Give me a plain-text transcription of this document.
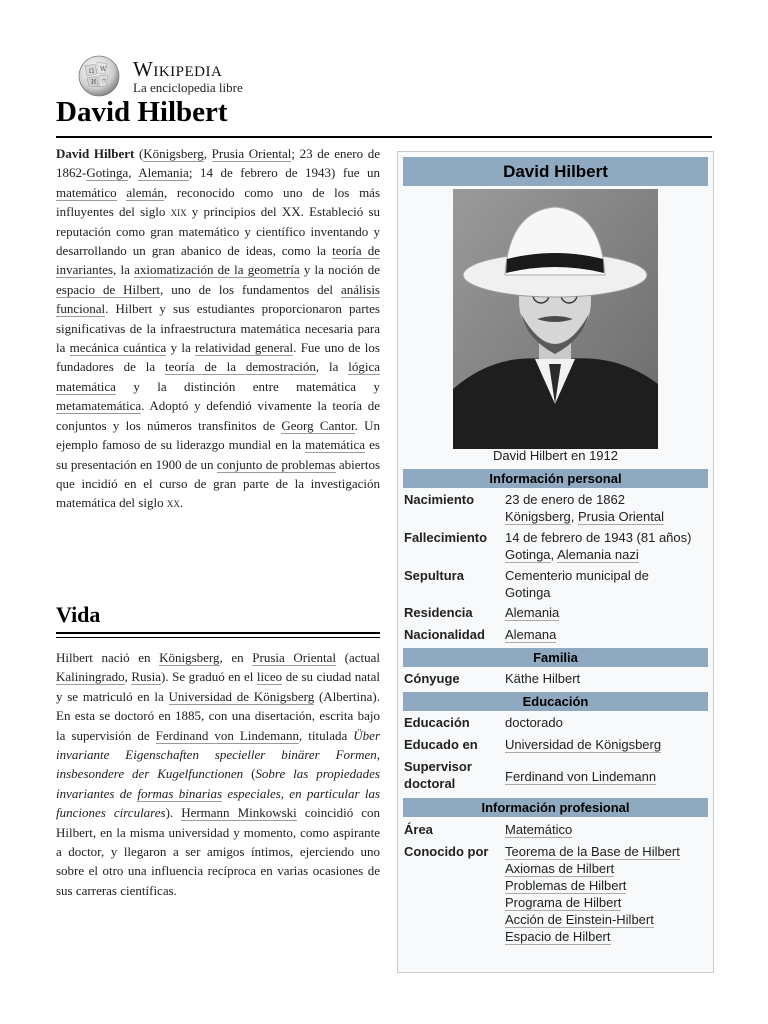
Ω W
И ウ
Wikipedia
La enciclopedia libre
David Hilbert

David Hilbert (Königsberg, Prusia Oriental; 23 de enero de 1862-Gotinga, Alemania; 14 de febrero de 1943) fue un matemático alemán, reconocido como uno de los más influyentes del siglo xix y principios del XX. Estableció su reputación como gran matemático y científico inventando y desarrollando un gran abanico de ideas, como la teoría de invariantes, la axiomatización de la geometría y la noción de espacio de Hilbert, uno de los fundamentos del análisis funcional. Hilbert y sus estudiantes proporcionaron partes significativas de la infraestructura matemática necesaria para la mecánica cuántica y la relatividad general. Fue uno de los fundadores de la teoría de la demostración, la lógica matemática y la distinción entre matemática y metamatemática. Adoptó y defendió vivamente la teoría de conjuntos y los números transfinitos de Georg Cantor. Un ejemplo famoso de su liderazgo mundial en la matemática es su presentación en 1900 de un conjunto de problemas abiertos que incidió en el curso de gran parte de la investigación matemática del siglo xx.

Vida

Hilbert nació en Königsberg, en Prusia Oriental (actual Kaliningrado, Rusia). Se graduó en el liceo de su ciudad natal y se matriculó en la Universidad de Königsberg (Albertina). En esta se doctoró en 1885, con una disertación, escrita bajo la supervisión de Ferdinand von Lindemann, titulada Über invariante Eigenschaften specieller binärer Formen, insbesondere der Kugelfunctionen (Sobre las propiedades invariantes de formas binarias especiales, en particular las funciones circulares). Hermann Minkowski coincidió con Hilbert, en la misma universidad y momento, como aspirante a doctor, y llegaron a ser amigos íntimos, ejerciendo uno sobre el otro una influencia recíproca en varias ocasiones de sus carreras científicas.

David Hilbert
David Hilbert en 1912
Información personal
Nacimiento	23 de enero de 1862
Königsberg, Prusia Oriental
Fallecimiento	14 de febrero de 1943 (81 años)
Gotinga, Alemania nazi
Sepultura	Cementerio municipal de Gotinga
Residencia	Alemania
Nacionalidad	Alemana
Familia
Cónyuge	Käthe Hilbert
Educación
Educación	doctorado
Educado en	Universidad de Königsberg
Supervisor doctoral	Ferdinand von Lindemann
Información profesional
Área	Matemático
Conocido por	Teorema de la Base de Hilbert
Axiomas de Hilbert
Problemas de Hilbert
Programa de Hilbert
Acción de Einstein-Hilbert
Espacio de Hilbert
